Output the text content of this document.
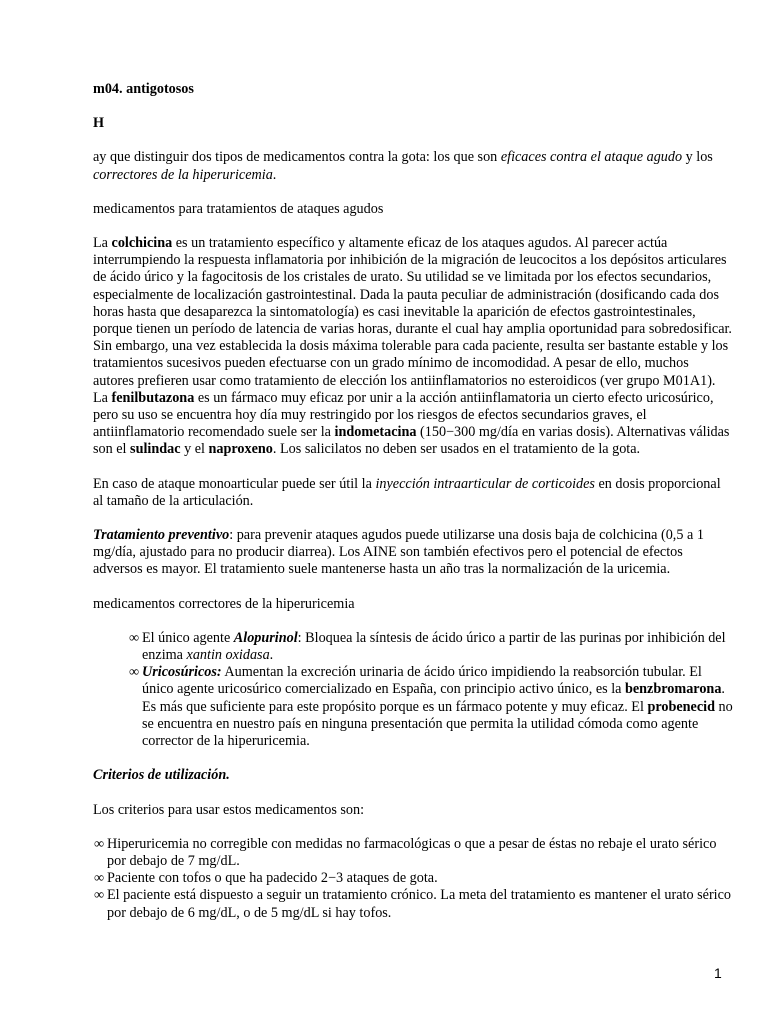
m04. antigotosos

H

ay que distinguir dos tipos de medicamentos contra la gota: los que son eficaces contra el ataque agudo y los correctores de la hiperuricemia.

medicamentos para tratamientos de ataques agudos

La colchicina es un tratamiento específico y altamente eficaz de los ataques agudos. Al parecer actúa interrumpiendo la respuesta inflamatoria por inhibición de la migración de leucocitos a los depósitos articulares de ácido úrico y la fagocitosis de los cristales de urato. Su utilidad se ve limitada por los efectos secundarios, especialmente de localización gastrointestinal. Dada la pauta peculiar de administración (dosificando cada dos horas hasta que desaparezca la sintomatología) es casi inevitable la aparición de efectos gastrointestinales, porque tienen un período de latencia de varias horas, durante el cual hay amplia oportunidad para sobredosificar. Sin embargo, una vez establecida la dosis máxima tolerable para cada paciente, resulta ser bastante estable y los tratamientos sucesivos pueden efectuarse con un grado mínimo de incomodidad. A pesar de ello, muchos autores prefieren usar como tratamiento de elección los antiinflamatorios no esteroidicos (ver grupo M01A1). La fenilbutazona es un fármaco muy eficaz por unir a la acción antiinflamatoria un cierto efecto uricosúrico, pero su uso se encuentra hoy día muy restringido por los riesgos de efectos secundarios graves, el antiinflamatorio recomendado suele ser la indometacina (150−300 mg/día en varias dosis). Alternativas válidas son el sulindac y el naproxeno. Los salicilatos no deben ser usados en el tratamiento de la gota.

En caso de ataque monoarticular puede ser útil la inyección intraarticular de corticoides en dosis proporcional al tamaño de la articulación.

Tratamiento preventivo: para prevenir ataques agudos puede utilizarse una dosis baja de colchicina (0,5 a 1 mg/día, ajustado para no producir diarrea). Los AINE son también efectivos pero el potencial de efectos adversos es mayor. El tratamiento suele mantenerse hasta un año tras la normalización de la uricemia.

medicamentos correctores de la hiperuricemia

∞ El único agente Alopurinol: Bloquea la síntesis de ácido úrico a partir de las purinas por inhibición del enzima xantin oxidasa.
∞ Uricosúricos: Aumentan la excreción urinaria de ácido úrico impidiendo la reabsorción tubular. El único agente uricosúrico comercializado en España, con principio activo único, es la benzbromarona. Es más que suficiente para este propósito porque es un fármaco potente y muy eficaz. El probenecid no se encuentra en nuestro país en ninguna presentación que permita la utilidad cómoda como agente corrector de la hiperuricemia.

Criterios de utilización.

Los criterios para usar estos medicamentos son:

∞ Hiperuricemia no corregible con medidas no farmacológicas o que a pesar de éstas no rebaje el urato sérico por debajo de 7 mg/dL.
∞ Paciente con tofos o que ha padecido 2−3 ataques de gota.
∞ El paciente está dispuesto a seguir un tratamiento crónico. La meta del tratamiento es mantener el urato sérico por debajo de 6 mg/dL, o de 5 mg/dL si hay tofos.
1
